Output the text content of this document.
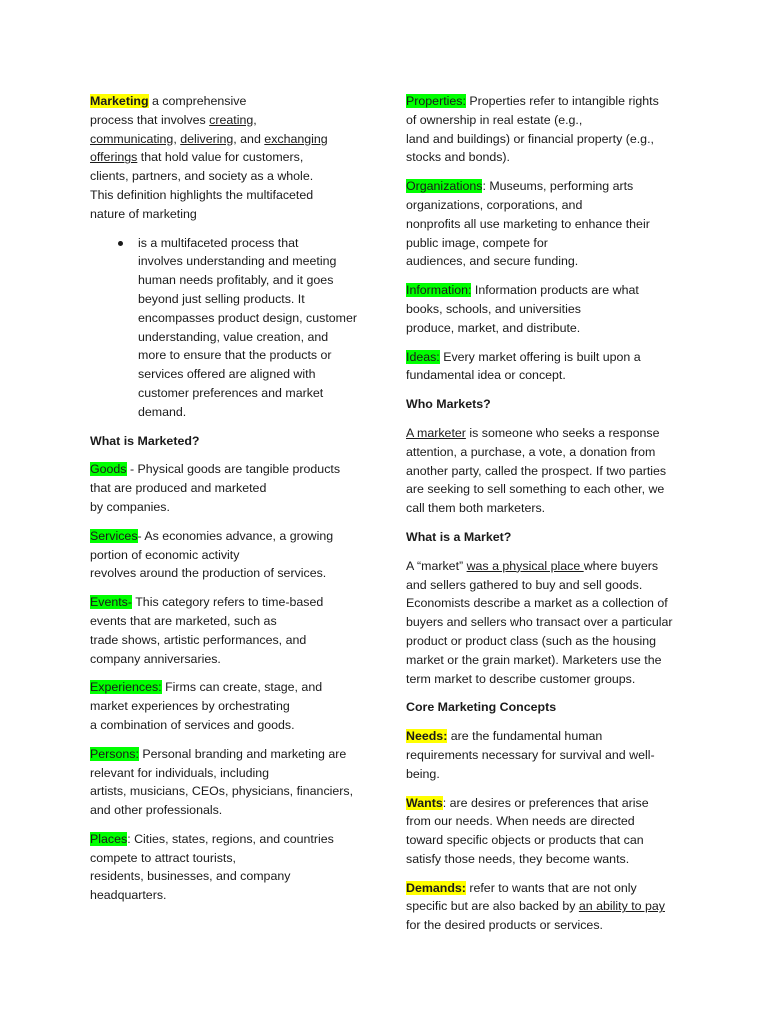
Marketing a comprehensive
process that involves creating,
communicating, delivering, and exchanging
offerings that hold value for customers,
clients, partners, and society as a whole.
This definition highlights the multifaceted
nature of marketing

is a multifaceted process that
involves understanding and meeting
human needs profitably, and it goes
beyond just selling products. It
encompasses product design, customer
understanding, value creation, and
more to ensure that the products or
services offered are aligned with
customer preferences and market
demand.
What is Marketed?

Goods - Physical goods are tangible products
that are produced and marketed
by companies.

Services- As economies advance, a growing
portion of economic activity
revolves around the production of services.

Events- This category refers to time-based
events that are marketed, such as
trade shows, artistic performances, and
company anniversaries.

Experiences: Firms can create, stage, and
market experiences by orchestrating
a combination of services and goods.

Persons: Personal branding and marketing are
relevant for individuals, including
artists, musicians, CEOs, physicians, financiers,
and other professionals.

Places: Cities, states, regions, and countries
compete to attract tourists,
residents, businesses, and company
headquarters.

Properties: Properties refer to intangible rights
of ownership in real estate (e.g.,
land and buildings) or financial property (e.g.,
stocks and bonds).

Organizations: Museums, performing arts
organizations, corporations, and
nonprofits all use marketing to enhance their
public image, compete for
audiences, and secure funding.

Information: Information products are what
books, schools, and universities
produce, market, and distribute.

Ideas: Every market offering is built upon a
fundamental idea or concept.

Who Markets?

A marketer is someone who seeks a response
attention, a purchase, a vote, a donation from
another party, called the prospect. If two parties
are seeking to sell something to each other, we
call them both marketers.

What is a Market?

A “market” was a physical place where buyers
and sellers gathered to buy and sell goods.
Economists describe a market as a collection of
buyers and sellers who transact over a particular
product or product class (such as the housing
market or the grain market). Marketers use the
term market to describe customer groups.

Core Marketing Concepts

Needs: are the fundamental human
requirements necessary for survival and well-
being.

Wants: are desires or preferences that arise
from our needs. When needs are directed
toward specific objects or products that can
satisfy those needs, they become wants.

Demands: refer to wants that are not only
specific but are also backed by an ability to pay
for the desired products or services.
